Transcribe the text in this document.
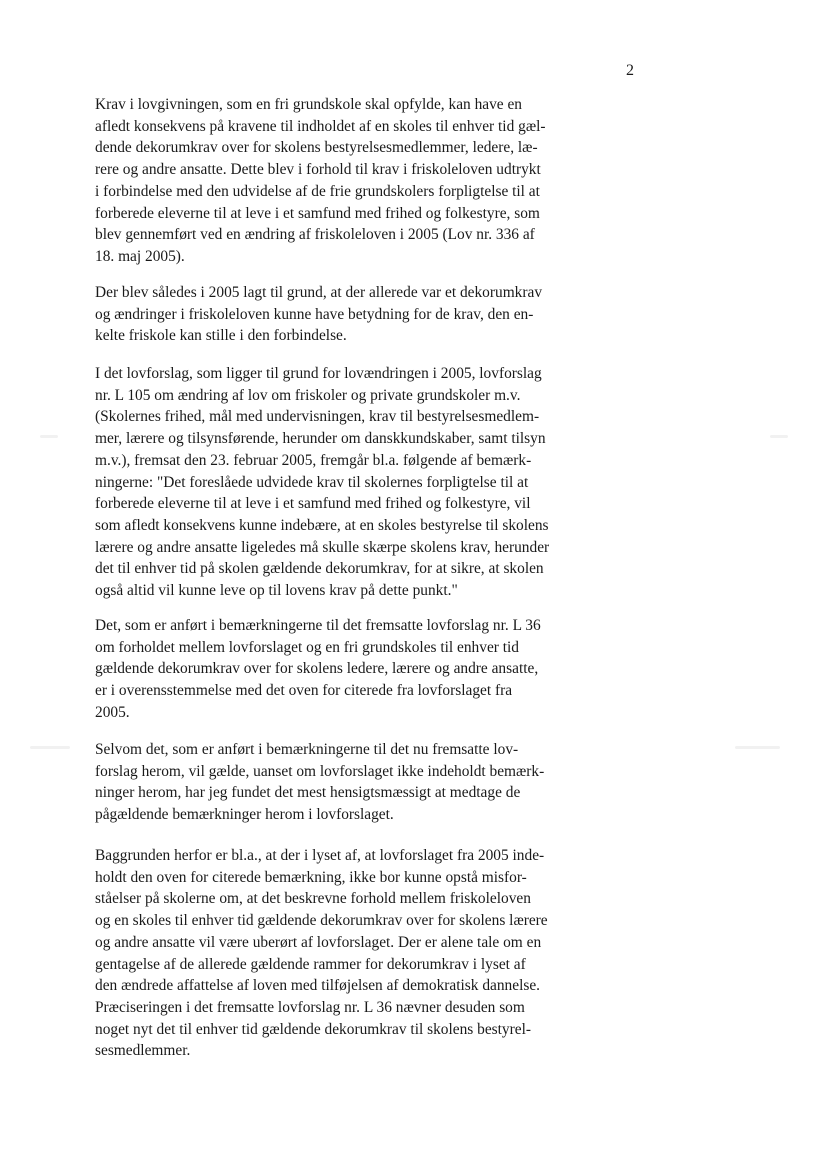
2
Krav i lovgivningen, som en fri grundskole skal opfylde, kan have en
afledt konsekvens på kravene til indholdet af en skoles til enhver tid gæl-
dende dekorumkrav over for skolens bestyrelsesmedlemmer, ledere, læ-
rere og andre ansatte. Dette blev i forhold til krav i friskoleloven udtrykt
i forbindelse med den udvidelse af de frie grundskolers forpligtelse til at
forberede eleverne til at leve i et samfund med frihed og folkestyre, som
blev gennemført ved en ændring af friskoleloven i 2005 (Lov nr. 336 af
18. maj 2005).
Der blev således i 2005 lagt til grund, at der allerede var et dekorumkrav
og ændringer i friskoleloven kunne have betydning for de krav, den en-
kelte friskole kan stille i den forbindelse.
I det lovforslag, som ligger til grund for lovændringen i 2005, lovforslag
nr. L 105 om ændring af lov om friskoler og private grundskoler m.v.
(Skolernes frihed, mål med undervisningen, krav til bestyrelsesmedlem-
mer, lærere og tilsynsførende, herunder om danskkundskaber, samt tilsyn
m.v.), fremsat den 23. februar 2005, fremgår bl.a. følgende af bemærk-
ningerne: "Det foreslåede udvidede krav til skolernes forpligtelse til at
forberede eleverne til at leve i et samfund med frihed og folkestyre, vil
som afledt konsekvens kunne indebære, at en skoles bestyrelse til skolens
lærere og andre ansatte ligeledes må skulle skærpe skolens krav, herunder
det til enhver tid på skolen gældende dekorumkrav, for at sikre, at skolen
også altid vil kunne leve op til lovens krav på dette punkt."
Det, som er anført i bemærkningerne til det fremsatte lovforslag nr. L 36
om forholdet mellem lovforslaget og en fri grundskoles til enhver tid
gældende dekorumkrav over for skolens ledere, lærere og andre ansatte,
er i overensstemmelse med det oven for citerede fra lovforslaget fra
2005.
Selvom det, som er anført i bemærkningerne til det nu fremsatte lov-
forslag herom, vil gælde, uanset om lovforslaget ikke indeholdt bemærk-
ninger herom, har jeg fundet det mest hensigtsmæssigt at medtage de
pågældende bemærkninger herom i lovforslaget.
Baggrunden herfor er bl.a., at der i lyset af, at lovforslaget fra 2005 inde-
holdt den oven for citerede bemærkning, ikke bor kunne opstå misfor-
ståelser på skolerne om, at det beskrevne forhold mellem friskoleloven
og en skoles til enhver tid gældende dekorumkrav over for skolens lærere
og andre ansatte vil være uberørt af lovforslaget. Der er alene tale om en
gentagelse af de allerede gældende rammer for dekorumkrav i lyset af
den ændrede affattelse af loven med tilføjelsen af demokratisk dannelse.
Præciseringen i det fremsatte lovforslag nr. L 36 nævner desuden som
noget nyt det til enhver tid gældende dekorumkrav til skolens bestyrel-
sesmedlemmer.
